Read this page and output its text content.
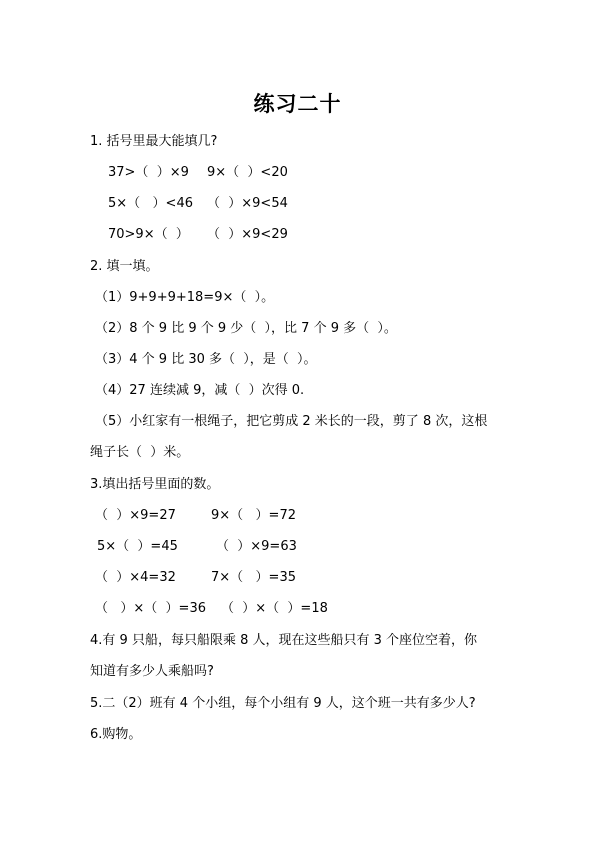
练习二十
1. 括号里最大能填几?
37>（  ）×9 9×（  ）<20
5×（   ）<46 （  ）×9<54
70>9×（  ） （  ）×9<29
2. 填一填。
（1）9+9+9+18=9×（  ）。
（2）8 个 9 比 9 个 9 少（  ），比 7 个 9 多（  ）。
（3）4 个 9 比 30 多（  ），是（  ）。
（4）27 连续减 9，减（  ）次得 0.
（5）小红家有一根绳子，把它剪成 2 米长的一段，剪了 8 次，这根
绳子长（  ）米。
3.填出括号里面的数。
（  ）×9=27	9×（   ）=72
5×（  ）=45	（  ）×9=63
（  ）×4=32	7×（   ）=35
（   ）×（  ）=36 （  ）×（  ）=18
4.有 9 只船，每只船限乘 8 人，现在这些船只有 3 个座位空着，你
知道有多少人乘船吗?
5.二（2）班有 4 个小组，每个小组有 9 人，这个班一共有多少人?
6.购物。
